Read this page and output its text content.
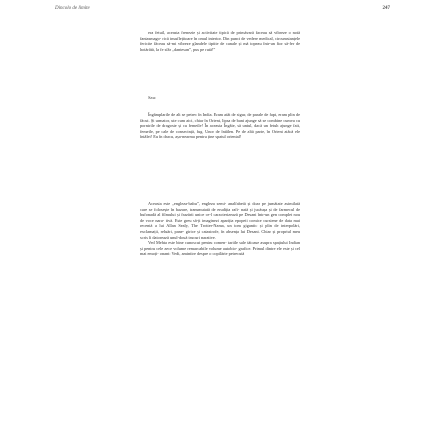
Dincolo de limite	247

era fetuil, aceasta frenezie și activitate tipică de primăvară faceau să vibreze o notă fantasmago- rică insuflețitoare în omul interior. Din punct de vedere medical, circumstanțele fericite făceau să-mi vibreze glandele tiptite de canale și mă topeau într-un fior să-fer de hotărâtă, la fe sfâr „dantesan”, pus pe rută!”

Sau:

Îngâmplarile de alt se petrec în India. Eram atât de sigur, de parale de fapt, eram plin de făcut. Și urmator, ute cum aici, chiar în Orient, lipsa de bani ajunge să se combine cumva cu pornirile de dragoste și cu femeile! În aceasta Îngâie, să untul, dacă un fetuh ajunge fait, femeile, pe cale de consecință, fug. Unor de întâlen. Pe de altă parte, în Orient atâcă ele întâlei! Eu în dracu, așa-nearma pentru ține spatul oriental!

Aceasta este „engleza-babu”, engleza semi- analfabetă și doar pe jumătate asimilată care se folosește în bazare, transmutată de erudiția rafi- nată și jucăușa și de farmecul de bufonadă al filmului și frazării unice ce-l caracterizează pe Desani într-un gen complet nou de voce nara- tivă. Este greu să-ți imaginezi apariția epopeii comice cursiene de data mai recentă a lui Allan Sealy, The Trotter-Nama, un tom gigantic și plin de interpolări, exclamații, reluări, pane- girice și catastrofe, în absența lui Desani. Chiar și propriul meu scris îi datorează unul-două trucuri narative.

Ved Mehta este bine cunoscut pentru comen- tariile sale tăioase asupra spațiului Indian și pentru cele zece volume remarcabile volume autobio- grafice. Primul dintre ele este și cel mai emoți- onant: Vedi, amintire despre o copilărie petrecută
